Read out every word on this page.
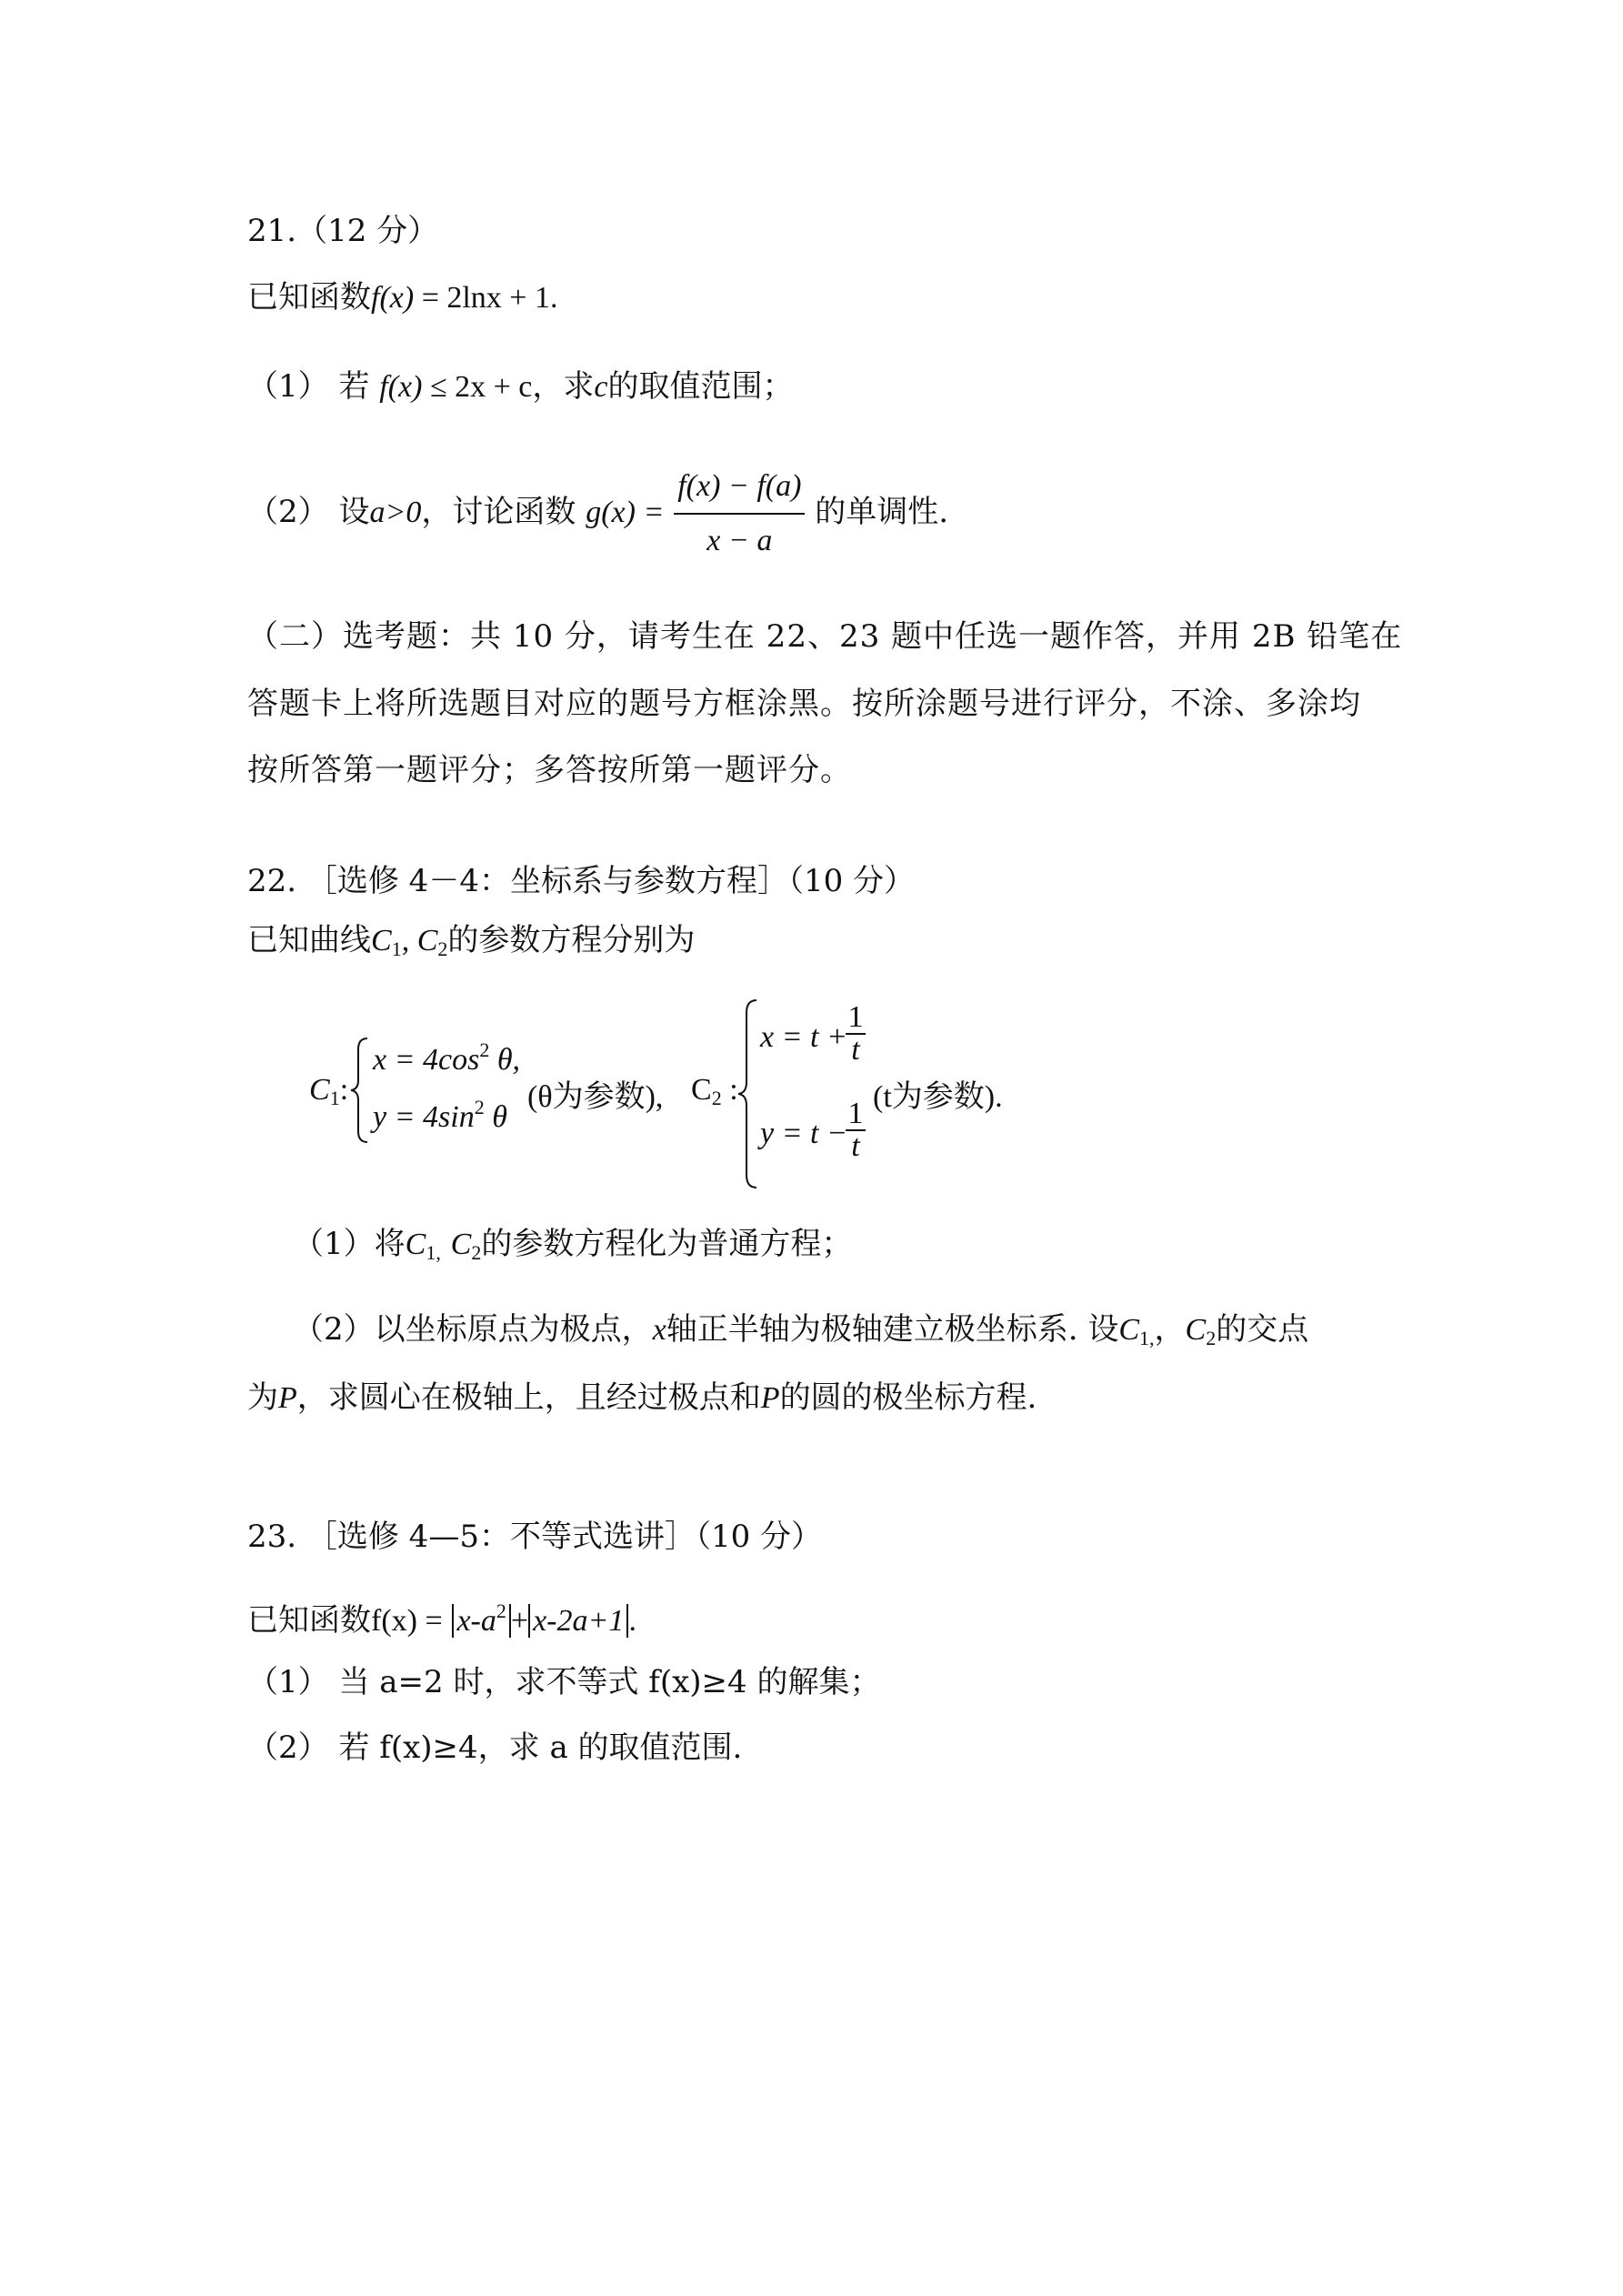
21.（12 分）
已知函数f(x) = 2lnx + 1.
（1） 若 f(x) ≤ 2x + c，求c的取值范围；
（2） 设a>0，讨论函数 $g(x) = \frac{f(x) - f(a)}{x - a}$ 的单调性.
（二）选考题：共 10 分，请考生在 22、23 题中任选一题作答，并用 2B 铅笔在
答题卡上将所选题目对应的题号方框涂黑。按所涂题号进行评分，不涂、多涂均
按所答第一题评分；多答按所第一题评分。
22. ［选修 4－4：坐标系与参数方程］（10 分）
已知曲线C1, C2的参数方程分别为
C1:
$x = 4\cos^2$ θ,
$y = 4\sin^2$ θ
(θ为参数), C2 :
x = t +
$\frac{1}{t}$
y = t −
$\frac{1}{t}$
(t为参数).
（1）将C1, C2的参数方程化为普通方程；
（2）以坐标原点为极点，x轴正半轴为极轴建立极坐标系. 设C1,，C2的交点
为P，求圆心在极轴上，且经过极点和P的圆的极坐标方程.
23. ［选修 4—5：不等式选讲］（10 分）
已知函数$f(x) = x-a^2 + x-2a+1$ .
（1） 当 a=2 时，求不等式 f(x)≥4 的解集；
（2） 若 f(x)≥4，求 a 的取值范围.
